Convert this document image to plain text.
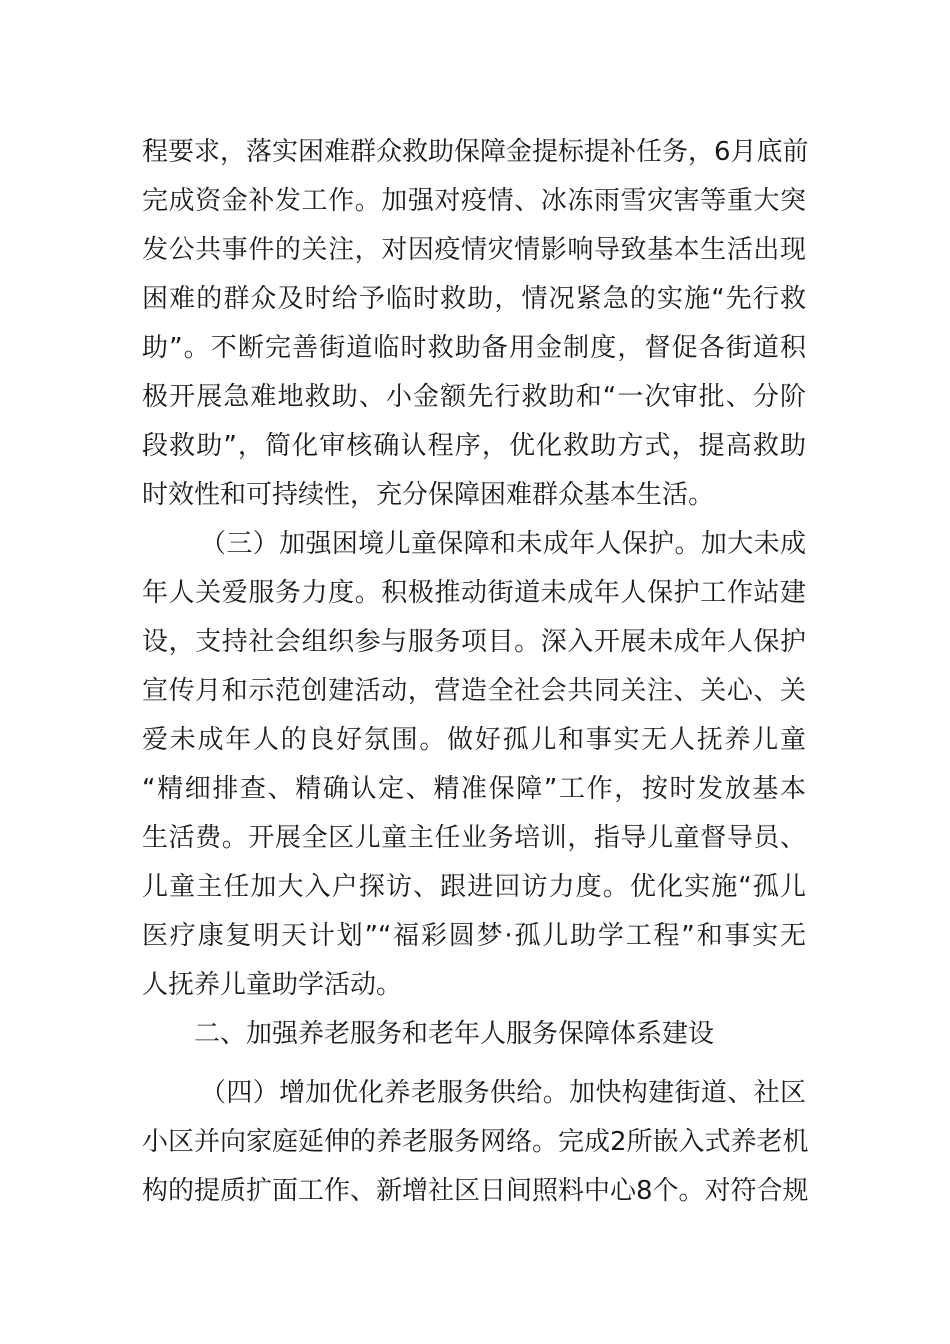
程要求，落实困难群众救助保障金提标提补任务，6月底前
完成资金补发工作。加强对疫情、冰冻雨雪灾害等重大突
发公共事件的关注，对因疫情灾情影响导致基本生活出现
困难的群众及时给予临时救助，情况紧急的实施“先行救
助”。不断完善街道临时救助备用金制度，督促各街道积
极开展急难地救助、小金额先行救助和“一次审批、分阶
段救助”，简化审核确认程序，优化救助方式，提高救助
时效性和可持续性，充分保障困难群众基本生活。
（三）加强困境儿童保障和未成年人保护。加大未成
年人关爱服务力度。积极推动街道未成年人保护工作站建
设，支持社会组织参与服务项目。深入开展未成年人保护
宣传月和示范创建活动，营造全社会共同关注、关心、关
爱未成年人的良好氛围。做好孤儿和事实无人抚养儿童
“精细排查、精确认定、精准保障”工作，按时发放基本
生活费。开展全区儿童主任业务培训，指导儿童督导员、
儿童主任加大入户探访、跟进回访力度。优化实施“孤儿
医疗康复明天计划”“福彩圆梦·孤儿助学工程”和事实无
人抚养儿童助学活动。
二、加强养老服务和老年人服务保障体系建设
（四）增加优化养老服务供给。加快构建街道、社区
小区并向家庭延伸的养老服务网络。完成2所嵌入式养老机
构的提质扩面工作、新增社区日间照料中心8个。对符合规
